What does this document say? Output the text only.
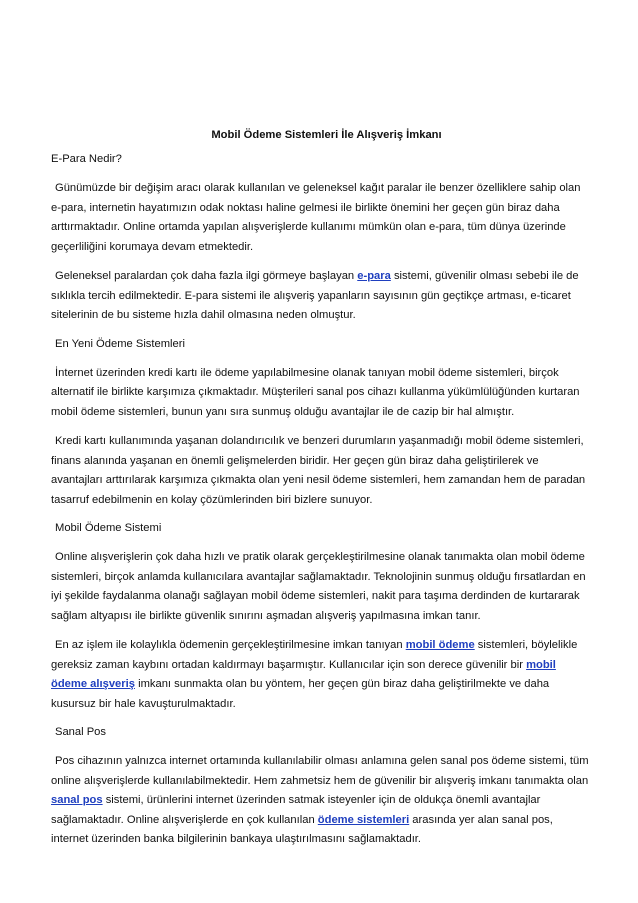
Mobil Ödeme Sistemleri İle Alışveriş İmkanı
E-Para Nedir?

Günümüzde bir değişim aracı olarak kullanılan ve geleneksel kağıt paralar ile benzer özelliklere sahip olan e-para, internetin hayatımızın odak noktası haline gelmesi ile birlikte önemini her geçen gün biraz daha arttırmaktadır. Online ortamda yapılan alışverişlerde kullanımı mümkün olan e-para, tüm dünya üzerinde geçerliliğini korumaya devam etmektedir.

Geleneksel paralardan çok daha fazla ilgi görmeye başlayan e-para sistemi, güvenilir olması sebebi ile de sıklıkla tercih edilmektedir. E-para sistemi ile alışveriş yapanların sayısının gün geçtikçe artması, e-ticaret sitelerinin de bu sisteme hızla dahil olmasına neden olmuştur.

En Yeni Ödeme Sistemleri

İnternet üzerinden kredi kartı ile ödeme yapılabilmesine olanak tanıyan mobil ödeme sistemleri, birçok alternatif ile birlikte karşımıza çıkmaktadır. Müşterileri sanal pos cihazı kullanma yükümlülüğünden kurtaran mobil ödeme sistemleri, bunun yanı sıra sunmuş olduğu avantajlar ile de cazip bir hal almıştır.

Kredi kartı kullanımında yaşanan dolandırıcılık ve benzeri durumların yaşanmadığı mobil ödeme sistemleri, finans alanında yaşanan en önemli gelişmelerden biridir. Her geçen gün biraz daha geliştirilerek ve avantajları arttırılarak karşımıza çıkmakta olan yeni nesil ödeme sistemleri, hem zamandan hem de paradan tasarruf edebilmenin en kolay çözümlerinden biri bizlere sunuyor.

Mobil Ödeme Sistemi

Online alışverişlerin çok daha hızlı ve pratik olarak gerçekleştirilmesine olanak tanımakta olan mobil ödeme sistemleri, birçok anlamda kullanıcılara avantajlar sağlamaktadır. Teknolojinin sunmuş olduğu fırsatlardan en iyi şekilde faydalanma olanağı sağlayan mobil ödeme sistemleri, nakit para taşıma derdinden de kurtararak sağlam altyapısı ile birlikte güvenlik sınırını aşmadan alışveriş yapılmasına imkan tanır.

En az işlem ile kolaylıkla ödemenin gerçekleştirilmesine imkan tanıyan mobil ödeme sistemleri, böylelikle gereksiz zaman kaybını ortadan kaldırmayı başarmıştır. Kullanıcılar için son derece güvenilir bir mobil ödeme alışveriş imkanı sunmakta olan bu yöntem, her geçen gün biraz daha geliştirilmekte ve daha kusursuz bir hale kavuşturulmaktadır.

Sanal Pos

Pos cihazının yalnızca internet ortamında kullanılabilir olması anlamına gelen sanal pos ödeme sistemi, tüm online alışverişlerde kullanılabilmektedir. Hem zahmetsiz hem de güvenilir bir alışveriş imkanı tanımakta olan sanal pos sistemi, ürünlerini internet üzerinden satmak isteyenler için de oldukça önemli avantajlar sağlamaktadır. Online alışverişlerde en çok kullanılan ödeme sistemleri arasında yer alan sanal pos, internet üzerinden banka bilgilerinin bankaya ulaştırılmasını sağlamaktadır.
